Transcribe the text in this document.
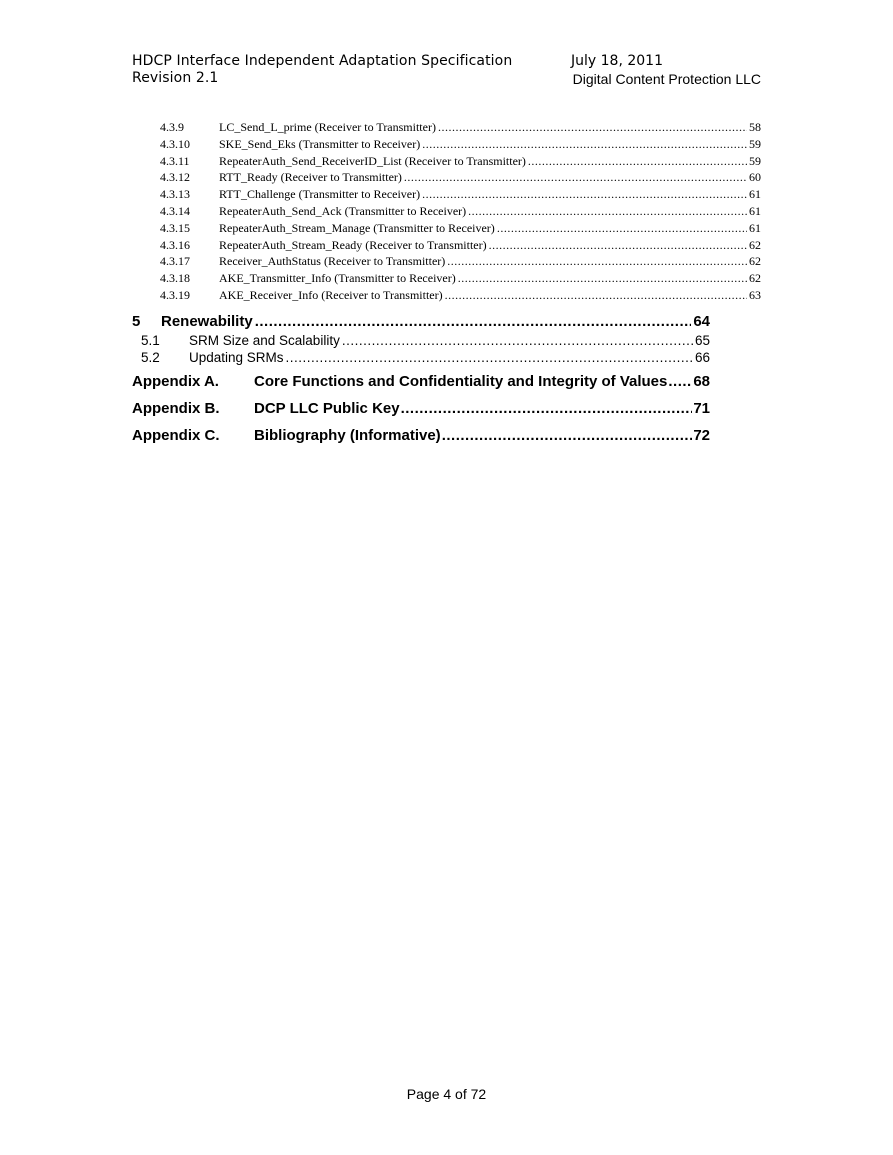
HDCP Interface Independent Adaptation Specification
Revision 2.1
July 18, 2011
Digital Content Protection LLC
4.3.9	LC_Send_L_prime (Receiver to Transmitter) .....	58
4.3.10	SKE_Send_Eks (Transmitter to Receiver) .....	59
4.3.11	RepeaterAuth_Send_ReceiverID_List (Receiver to Transmitter) .....	59
4.3.12	RTT_Ready (Receiver to Transmitter) .....	60
4.3.13	RTT_Challenge (Transmitter to Receiver) .....	61
4.3.14	RepeaterAuth_Send_Ack (Transmitter to Receiver) .....	61
4.3.15	RepeaterAuth_Stream_Manage (Transmitter to Receiver) .....	61
4.3.16	RepeaterAuth_Stream_Ready (Receiver to Transmitter) .....	62
4.3.17	Receiver_AuthStatus (Receiver to Transmitter) .....	62
4.3.18	AKE_Transmitter_Info (Transmitter to Receiver) .....	62
4.3.19	AKE_Receiver_Info (Receiver to Transmitter) .....	63
5	Renewability .....	64
5.1	SRM Size and Scalability .....	65
5.2	Updating SRMs .....	66
Appendix A.	Core Functions and Confidentiality and Integrity of Values ..... 68
Appendix B.	DCP LLC Public Key .....	71
Appendix C.	Bibliography (Informative) .....	72
Page 4 of 72
